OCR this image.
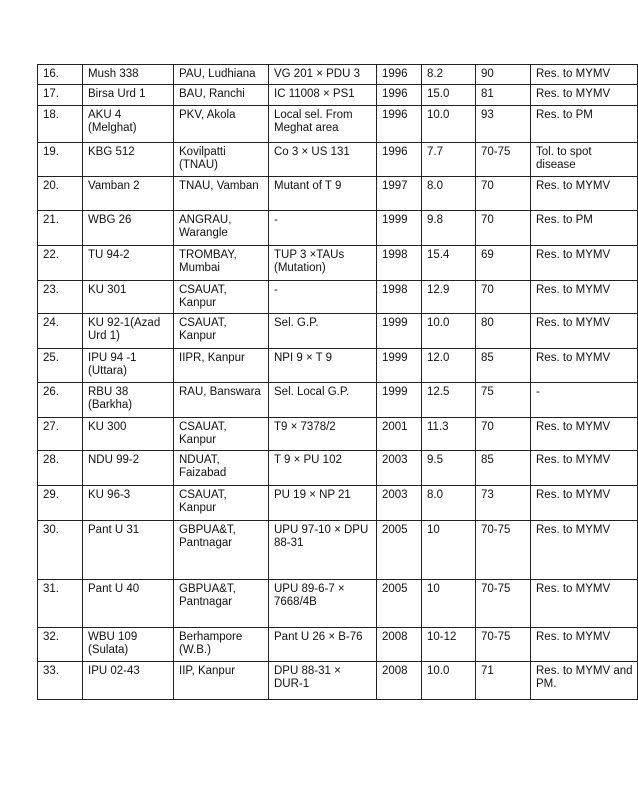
16.	Mush 338	PAU, Ludhiana	VG 201 × PDU 3	1996	8.2	90	Res. to MYMV
17.	Birsa Urd 1	BAU, Ranchi	IC 11008 × PS1	1996	15.0	81	Res. to MYMV
18.	AKU 4 (Melghat)	PKV, Akola	Local sel. From Meghat area	1996	10.0	93	Res. to PM
19.	KBG 512	Kovilpatti (TNAU)	Co 3 × US 131	1996	7.7	70-75	Tol. to spot disease
20.	Vamban 2	TNAU, Vamban	Mutant of T 9	1997	8.0	70	Res. to MYMV
21.	WBG 26	ANGRAU, Warangle	-	1999	9.8	70	Res. to PM
22.	TU 94-2	TROMBAY, Mumbai	TUP 3 ×TAUs (Mutation)	1998	15.4	69	Res. to MYMV
23.	KU 301	CSAUAT, Kanpur	-	1998	12.9	70	Res. to MYMV
24.	KU 92-1(Azad Urd 1)	CSAUAT, Kanpur	Sel. G.P.	1999	10.0	80	Res. to MYMV
25.	IPU 94 -1 (Uttara)	IIPR, Kanpur	NPI 9 × T 9	1999	12.0	85	Res. to MYMV
26.	RBU 38 (Barkha)	RAU, Banswara	Sel. Local G.P.	1999	12.5	75	-
27.	KU 300	CSAUAT, Kanpur	T9 × 7378/2	2001	11.3	70	Res. to MYMV
28.	NDU 99-2	NDUAT, Faizabad	T 9 × PU 102	2003	9.5	85	Res. to MYMV
29.	KU 96-3	CSAUAT, Kanpur	PU 19 × NP 21	2003	8.0	73	Res. to MYMV
30.	Pant U 31	GBPUA&T, Pantnagar	UPU 97-10 × DPU 88-31	2005	10	70-75	Res. to MYMV
31.	Pant U 40	GBPUA&T, Pantnagar	UPU 89-6-7 × 7668/4B	2005	10	70-75	Res. to MYMV
32.	WBU 109 (Sulata)	Berhampore (W.B.)	Pant U 26 × B-76	2008	10-12	70-75	Res. to MYMV
33.	IPU 02-43	IIP, Kanpur	DPU 88-31 × DUR-1	2008	10.0	71	Res. to MYMV and PM.
